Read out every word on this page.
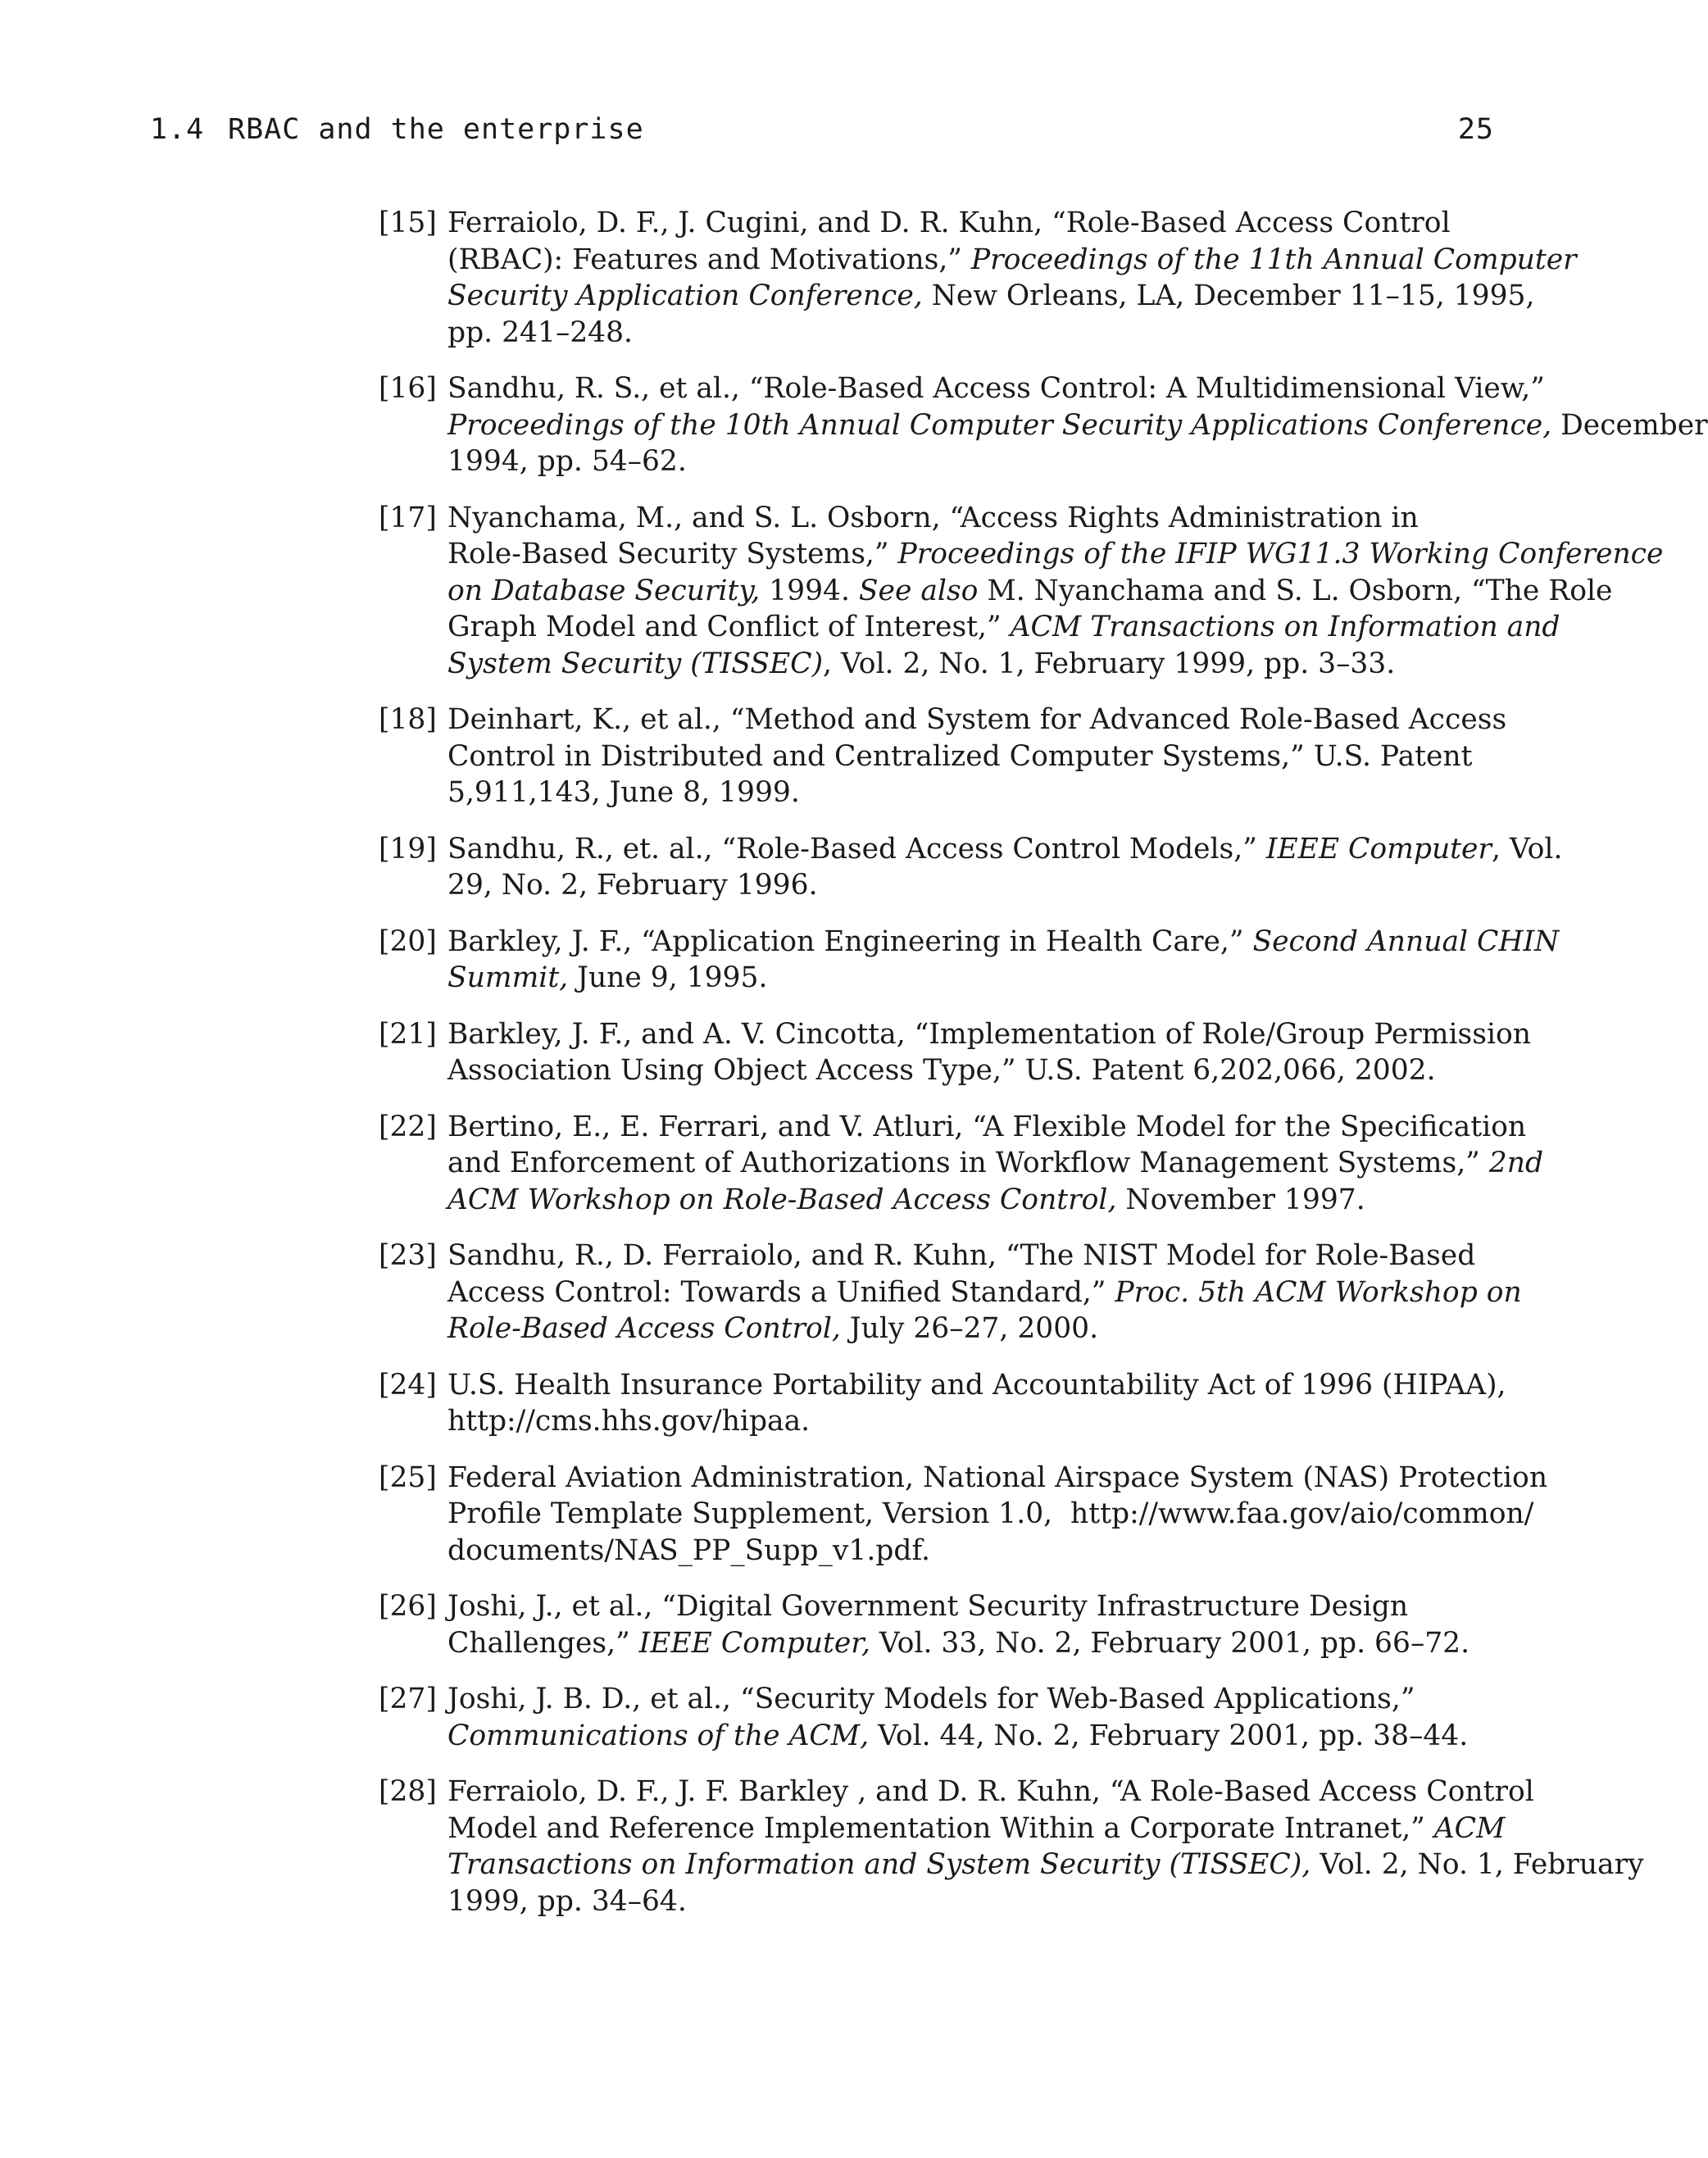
1.4 RBAC and the enterprise	25
[15] Ferraiolo, D. F., J. Cugini, and D. R. Kuhn, “Role-Based Access Control
(RBAC): Features and Motivations,” Proceedings of the 11th Annual Computer
Security Application Conference, New Orleans, LA, December 11–15, 1995,
pp. 241–248.
[16] Sandhu, R. S., et al., “Role-Based Access Control: A Multidimensional View,”
Proceedings of the 10th Annual Computer Security Applications Conference, December
1994, pp. 54–62.
[17] Nyanchama, M., and S. L. Osborn, “Access Rights Administration in
Role-Based Security Systems,” Proceedings of the IFIP WG11.3 Working Conference
on Database Security, 1994. See also M. Nyanchama and S. L. Osborn, “The Role
Graph Model and Conflict of Interest,” ACM Transactions on Information and
System Security (TISSEC), Vol. 2, No. 1, February 1999, pp. 3–33.
[18] Deinhart, K., et al., “Method and System for Advanced Role-Based Access
Control in Distributed and Centralized Computer Systems,” U.S. Patent
5,911,143, June 8, 1999.
[19] Sandhu, R., et. al., “Role-Based Access Control Models,” IEEE Computer, Vol.
29, No. 2, February 1996.
[20] Barkley, J. F., “Application Engineering in Health Care,” Second Annual CHIN
Summit, June 9, 1995.
[21] Barkley, J. F., and A. V. Cincotta, “Implementation of Role/Group Permission
Association Using Object Access Type,” U.S. Patent 6,202,066, 2002.
[22] Bertino, E., E. Ferrari, and V. Atluri, “A Flexible Model for the Specification
and Enforcement of Authorizations in Workflow Management Systems,” 2nd
ACM Workshop on Role-Based Access Control, November 1997.
[23] Sandhu, R., D. Ferraiolo, and R. Kuhn, “The NIST Model for Role-Based
Access Control: Towards a Unified Standard,” Proc. 5th ACM Workshop on
Role-Based Access Control, July 26–27, 2000.
[24] U.S. Health Insurance Portability and Accountability Act of 1996 (HIPAA),
http://cms.hhs.gov/hipaa.
[25] Federal Aviation Administration, National Airspace System (NAS) Protection
Profile Template Supplement, Version 1.0,  http://www.faa.gov/aio/common/
documents/NAS_PP_Supp_v1.pdf.
[26] Joshi, J., et al., “Digital Government Security Infrastructure Design
Challenges,” IEEE Computer, Vol. 33, No. 2, February 2001, pp. 66–72.
[27] Joshi, J. B. D., et al., “Security Models for Web-Based Applications,”
Communications of the ACM, Vol. 44, No. 2, February 2001, pp. 38–44.
[28] Ferraiolo, D. F., J. F. Barkley , and D. R. Kuhn, “A Role-Based Access Control
Model and Reference Implementation Within a Corporate Intranet,” ACM
Transactions on Information and System Security (TISSEC), Vol. 2, No. 1, February
1999, pp. 34–64.
